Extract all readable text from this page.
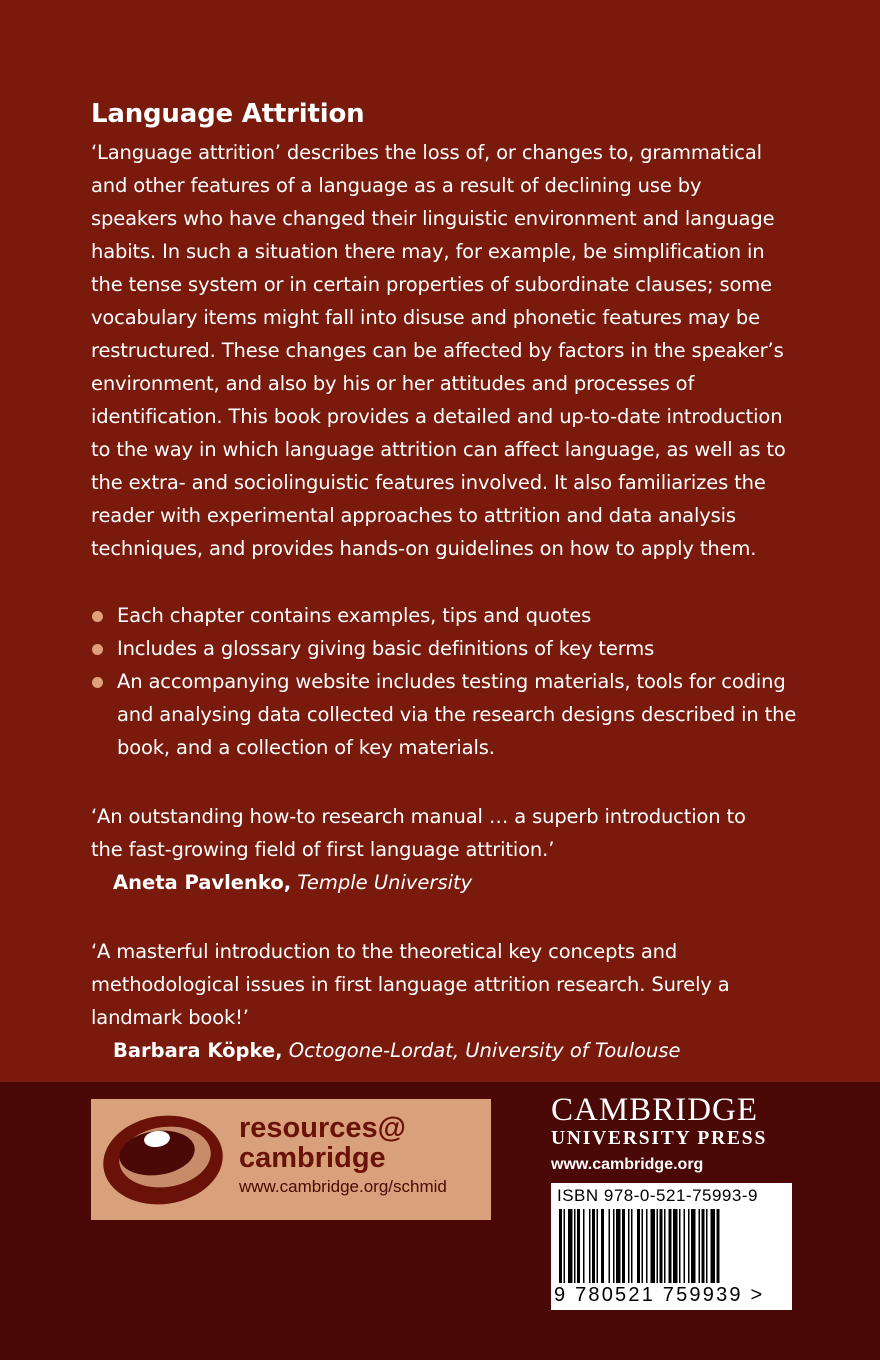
Language Attrition

‘Language attrition’ describes the loss of, or changes to, grammatical and other features of a language as a result of declining use by speakers who have changed their linguistic environment and language habits. In such a situation there may, for example, be simplification in the tense system or in certain properties of subordinate clauses; some vocabulary items might fall into disuse and phonetic features may be restructured. These changes can be affected by factors in the speaker’s environment, and also by his or her attitudes and processes of identification. This book provides a detailed and up-to-date introduction to the way in which language attrition can affect language, as well as to the extra- and sociolinguistic features involved. It also familiarizes the reader with experimental approaches to attrition and data analysis techniques, and provides hands-on guidelines on how to apply them.

Each chapter contains examples, tips and quotes
Includes a glossary giving basic definitions of key terms
An accompanying website includes testing materials, tools for coding and analysing data collected via the research designs described in the book, and a collection of key materials.
‘An outstanding how-to research manual … a superb introduction to the fast-growing field of first language attrition.’
Aneta Pavlenko, Temple University
‘A masterful introduction to the theoretical key concepts and methodological issues in first language attrition research. Surely a landmark book!’
Barbara Köpke, Octogone-Lordat, University of Toulouse
resources@
cambridge
www.cambridge.org/schmid
CAMBRIDGE
UNIVERSITY PRESS
www.cambridge.org
ISBN 978-0-521-75993-9
9 780521 759939 >
